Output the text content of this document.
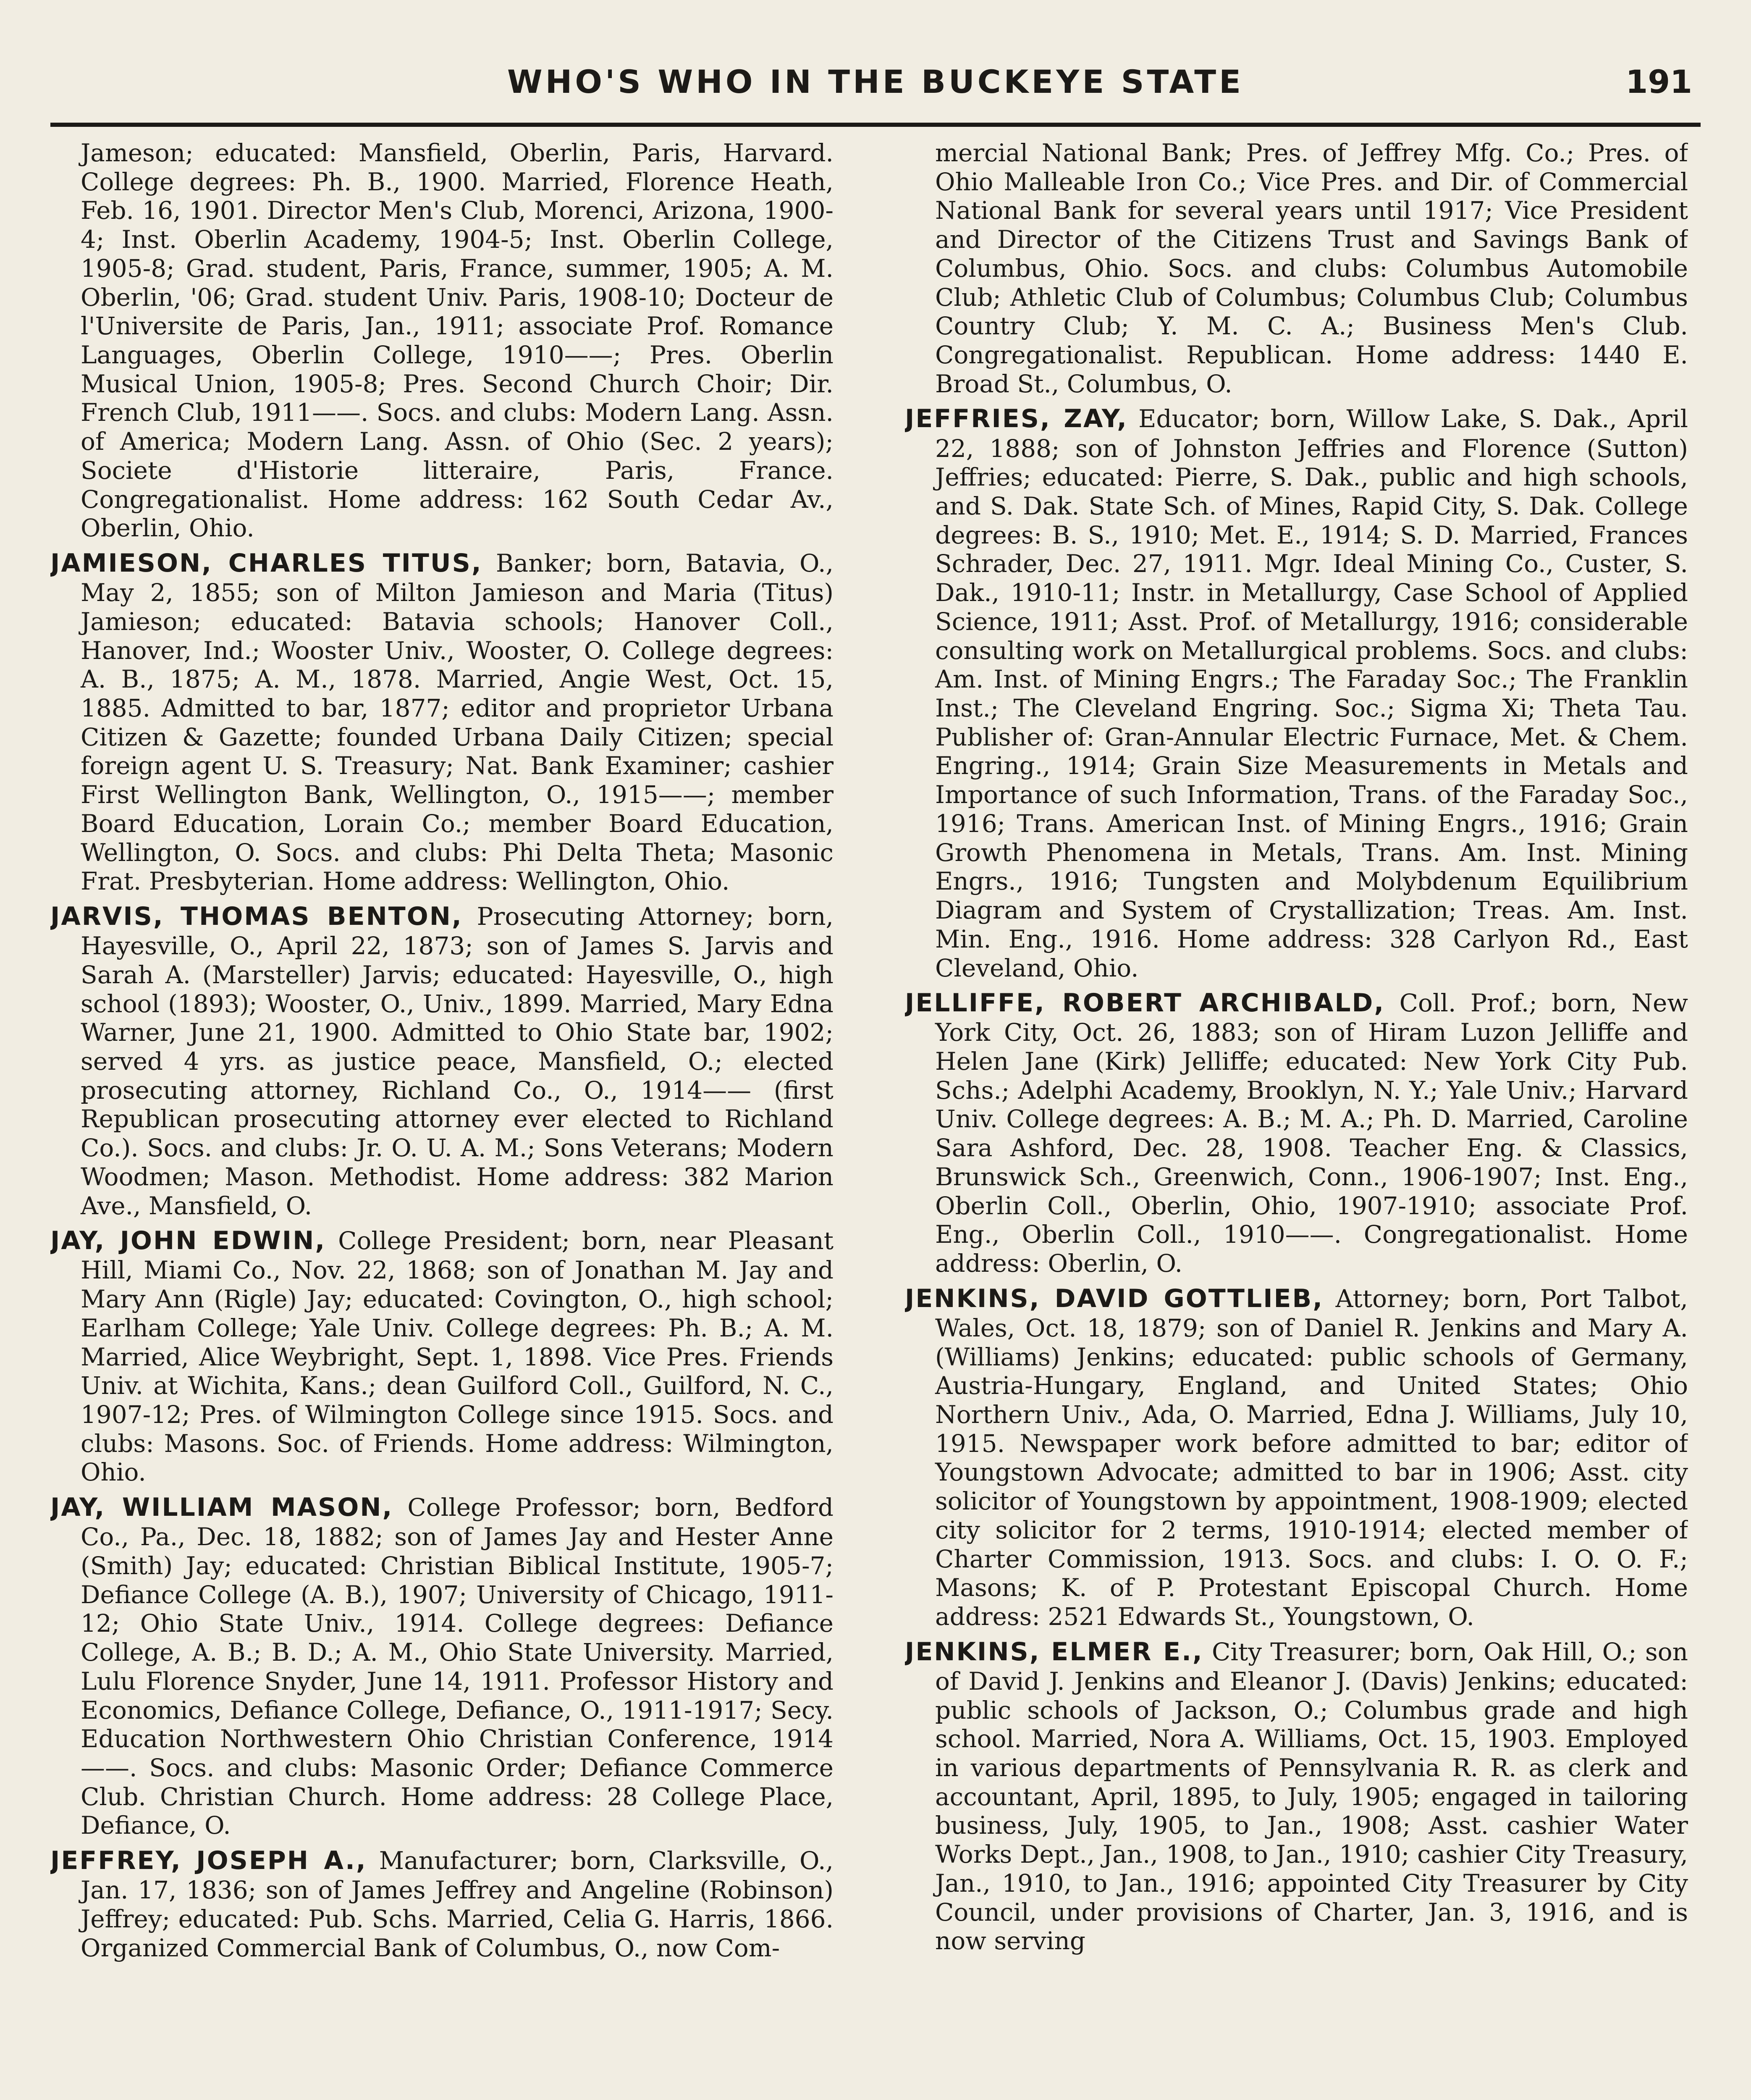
WHO'S WHO IN THE BUCKEYE STATE	191

Jameson; educated: Mansfield, Oberlin, Paris, Harvard. College degrees: Ph. B., 1900. Married, Florence Heath, Feb. 16, 1901. Director Men's Club, Morenci, Arizona, 1900-4; Inst. Oberlin Academy, 1904-5; Inst. Oberlin College, 1905-8; Grad. student, Paris, France, summer, 1905; A. M. Oberlin, '06; Grad. student Univ. Paris, 1908-10; Docteur de l'Universite de Paris, Jan., 1911; associate Prof. Romance Languages, Oberlin College, 1910——; Pres. Oberlin Musical Union, 1905-8; Pres. Second Church Choir; Dir. French Club, 1911——. Socs. and clubs: Modern Lang. Assn. of America; Modern Lang. Assn. of Ohio (Sec. 2 years); Societe d'Historie litteraire, Paris, France. Congregationalist. Home address: 162 South Cedar Av., Oberlin, Ohio.

JAMIESON, CHARLES TITUS, Banker; born, Batavia, O., May 2, 1855; son of Milton Jamieson and Maria (Titus) Jamieson; educated: Batavia schools; Hanover Coll., Hanover, Ind.; Wooster Univ., Wooster, O. College degrees: A. B., 1875; A. M., 1878. Married, Angie West, Oct. 15, 1885. Admitted to bar, 1877; editor and proprietor Urbana Citizen & Gazette; founded Urbana Daily Citizen; special foreign agent U. S. Treasury; Nat. Bank Examiner; cashier First Wellington Bank, Wellington, O., 1915——; member Board Education, Lorain Co.; member Board Education, Wellington, O. Socs. and clubs: Phi Delta Theta; Masonic Frat. Presbyterian. Home address: Wellington, Ohio.

JARVIS, THOMAS BENTON, Prosecuting Attorney; born, Hayesville, O., April 22, 1873; son of James S. Jarvis and Sarah A. (Marsteller) Jarvis; educated: Hayesville, O., high school (1893); Wooster, O., Univ., 1899. Married, Mary Edna Warner, June 21, 1900. Admitted to Ohio State bar, 1902; served 4 yrs. as justice peace, Mansfield, O.; elected prosecuting attorney, Richland Co., O., 1914—— (first Republican prosecuting attorney ever elected to Richland Co.). Socs. and clubs: Jr. O. U. A. M.; Sons Veterans; Modern Woodmen; Mason. Methodist. Home address: 382 Marion Ave., Mansfield, O.

JAY, JOHN EDWIN, College President; born, near Pleasant Hill, Miami Co., Nov. 22, 1868; son of Jonathan M. Jay and Mary Ann (Rigle) Jay; educated: Covington, O., high school; Earlham College; Yale Univ. College degrees: Ph. B.; A. M. Married, Alice Weybright, Sept. 1, 1898. Vice Pres. Friends Univ. at Wichita, Kans.; dean Guilford Coll., Guilford, N. C., 1907-12; Pres. of Wilmington College since 1915. Socs. and clubs: Masons. Soc. of Friends. Home address: Wilmington, Ohio.

JAY, WILLIAM MASON, College Professor; born, Bedford Co., Pa., Dec. 18, 1882; son of James Jay and Hester Anne (Smith) Jay; educated: Christian Biblical Institute, 1905-7; Defiance College (A. B.), 1907; University of Chicago, 1911-12; Ohio State Univ., 1914. College degrees: Defiance College, A. B.; B. D.; A. M., Ohio State University. Married, Lulu Florence Snyder, June 14, 1911. Professor History and Economics, Defiance College, Defiance, O., 1911-1917; Secy. Education Northwestern Ohio Christian Conference, 1914——. Socs. and clubs: Masonic Order; Defiance Commerce Club. Christian Church. Home address: 28 College Place, Defiance, O.

JEFFREY, JOSEPH A., Manufacturer; born, Clarksville, O., Jan. 17, 1836; son of James Jeffrey and Angeline (Robinson) Jeffrey; educated: Pub. Schs. Married, Celia G. Harris, 1866. Organized Commercial Bank of Columbus, O., now Com-

mercial National Bank; Pres. of Jeffrey Mfg. Co.; Pres. of Ohio Malleable Iron Co.; Vice Pres. and Dir. of Commercial National Bank for several years until 1917; Vice President and Director of the Citizens Trust and Savings Bank of Columbus, Ohio. Socs. and clubs: Columbus Automobile Club; Athletic Club of Columbus; Columbus Club; Columbus Country Club; Y. M. C. A.; Business Men's Club. Congregationalist. Republican. Home address: 1440 E. Broad St., Columbus, O.

JEFFRIES, ZAY, Educator; born, Willow Lake, S. Dak., April 22, 1888; son of Johnston Jeffries and Florence (Sutton) Jeffries; educated: Pierre, S. Dak., public and high schools, and S. Dak. State Sch. of Mines, Rapid City, S. Dak. College degrees: B. S., 1910; Met. E., 1914; S. D. Married, Frances Schrader, Dec. 27, 1911. Mgr. Ideal Mining Co., Custer, S. Dak., 1910-11; Instr. in Metallurgy, Case School of Applied Science, 1911; Asst. Prof. of Metallurgy, 1916; considerable consulting work on Metallurgical problems. Socs. and clubs: Am. Inst. of Mining Engrs.; The Faraday Soc.; The Franklin Inst.; The Cleveland Engring. Soc.; Sigma Xi; Theta Tau. Publisher of: Gran-Annular Electric Furnace, Met. & Chem. Engring., 1914; Grain Size Measurements in Metals and Importance of such Information, Trans. of the Faraday Soc., 1916; Trans. American Inst. of Mining Engrs., 1916; Grain Growth Phenomena in Metals, Trans. Am. Inst. Mining Engrs., 1916; Tungsten and Molybdenum Equilibrium Diagram and System of Crystallization; Treas. Am. Inst. Min. Eng., 1916. Home address: 328 Carlyon Rd., East Cleveland, Ohio.

JELLIFFE, ROBERT ARCHIBALD, Coll. Prof.; born, New York City, Oct. 26, 1883; son of Hiram Luzon Jelliffe and Helen Jane (Kirk) Jelliffe; educated: New York City Pub. Schs.; Adelphi Academy, Brooklyn, N. Y.; Yale Univ.; Harvard Univ. College degrees: A. B.; M. A.; Ph. D. Married, Caroline Sara Ashford, Dec. 28, 1908. Teacher Eng. & Classics, Brunswick Sch., Greenwich, Conn., 1906-1907; Inst. Eng., Oberlin Coll., Oberlin, Ohio, 1907-1910; associate Prof. Eng., Oberlin Coll., 1910——. Congregationalist. Home address: Oberlin, O.

JENKINS, DAVID GOTTLIEB, Attorney; born, Port Talbot, Wales, Oct. 18, 1879; son of Daniel R. Jenkins and Mary A. (Williams) Jenkins; educated: public schools of Germany, Austria-Hungary, England, and United States; Ohio Northern Univ., Ada, O. Married, Edna J. Williams, July 10, 1915. Newspaper work before admitted to bar; editor of Youngstown Advocate; admitted to bar in 1906; Asst. city solicitor of Youngstown by appointment, 1908-1909; elected city solicitor for 2 terms, 1910-1914; elected member of Charter Commission, 1913. Socs. and clubs: I. O. O. F.; Masons; K. of P. Protestant Episcopal Church. Home address: 2521 Edwards St., Youngstown, O.

JENKINS, ELMER E., City Treasurer; born, Oak Hill, O.; son of David J. Jenkins and Eleanor J. (Davis) Jenkins; educated: public schools of Jackson, O.; Columbus grade and high school. Married, Nora A. Williams, Oct. 15, 1903. Employed in various departments of Pennsylvania R. R. as clerk and accountant, April, 1895, to July, 1905; engaged in tailoring business, July, 1905, to Jan., 1908; Asst. cashier Water Works Dept., Jan., 1908, to Jan., 1910; cashier City Treasury, Jan., 1910, to Jan., 1916; appointed City Treasurer by City Council, under provisions of Charter, Jan. 3, 1916, and is now serving
